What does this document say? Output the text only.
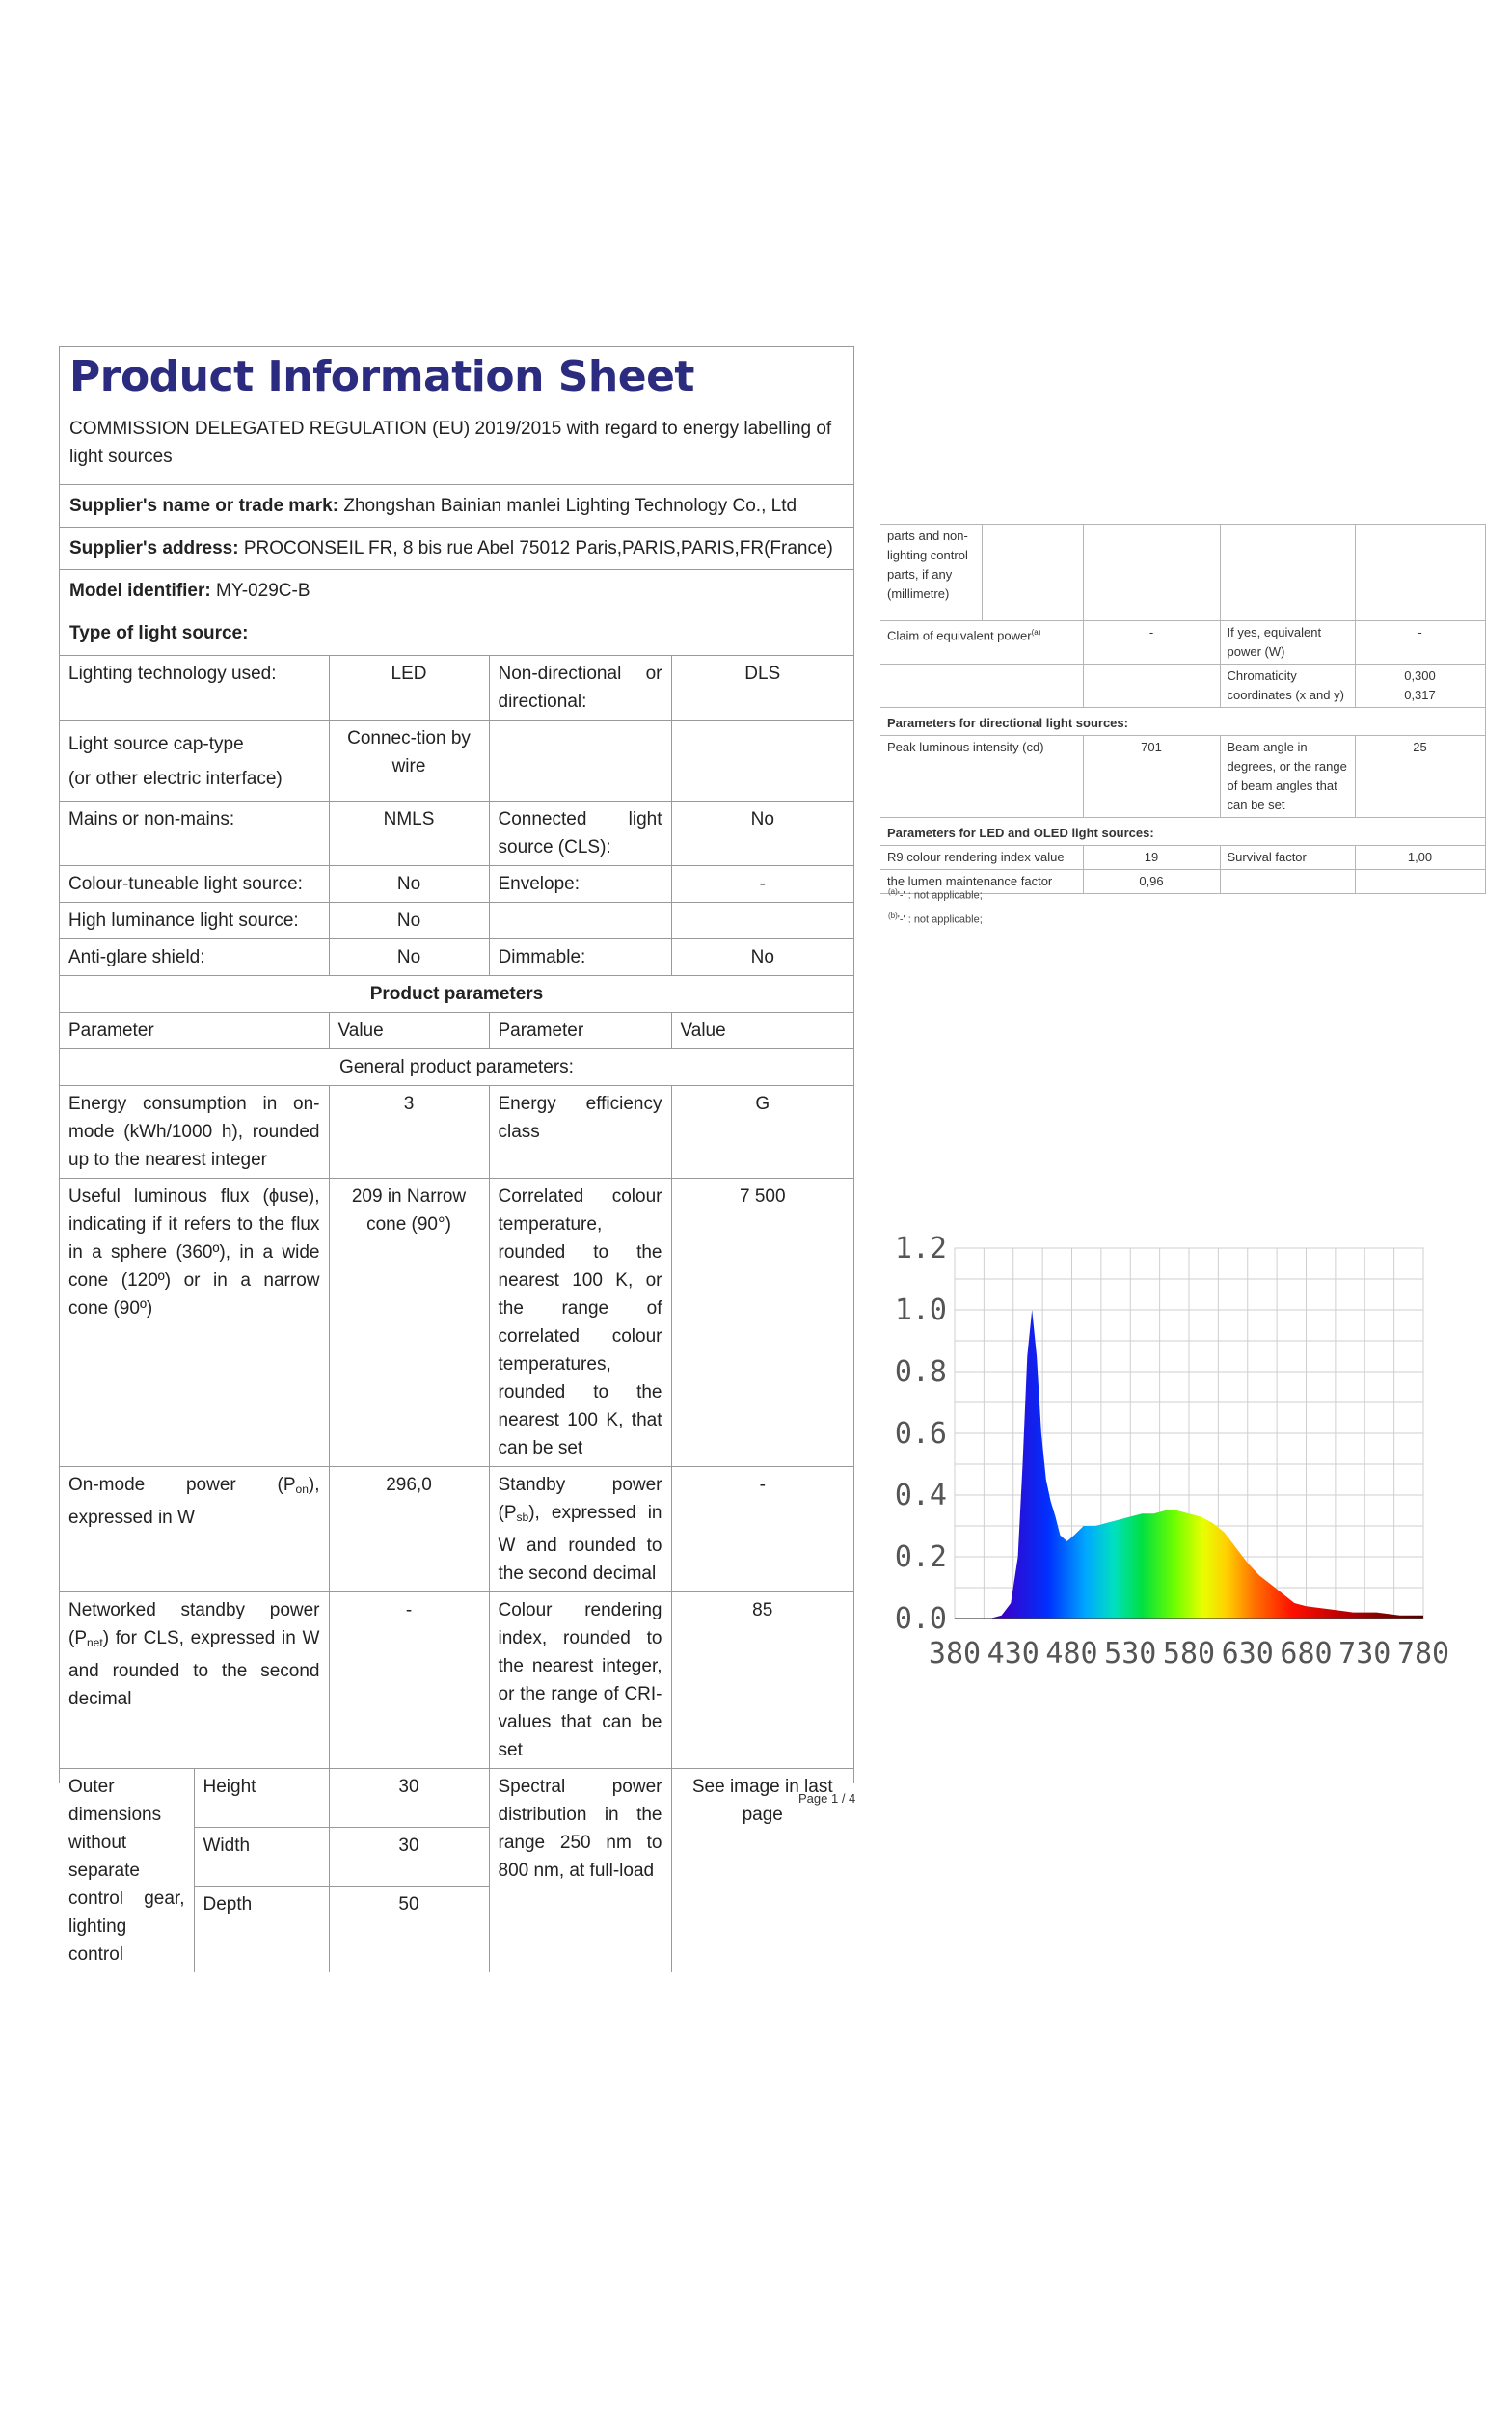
Product Information Sheet
COMMISSION DELEGATED REGULATION (EU) 2019/2015 with regard to energy labelling of light sources
Supplier's name or trade mark: Zhongshan Bainian manlei Lighting Technology Co., Ltd
Supplier's address: PROCONSEIL FR, 8 bis rue Abel 75012 Paris,PARIS,PARIS,FR(France)
Model identifier: MY-029C-B
Type of light source:
Lighting technology used:		LED	Non-directional or directional:	DLS

Light source cap-type
(or other electric interface)		Connec-tion by wire		
Mains or non-mains:		NMLS	Connected light source (CLS):	No
Colour-tuneable light source:		No	Envelope:	-
High luminance light source:		No		
Anti-glare shield:		No	Dimmable:	No
Product parameters				
Parameter		Value	Parameter	Value
General product parameters:				
Energy consumption in on-mode (kWh/1000 h), rounded up to the nearest integer		3	Energy efficiency class	G
Useful luminous flux (ɸuse), indicating if it refers to the flux in a sphere (360º), in a wide cone (120º) or in a narrow cone (90º)		209 in Narrow cone (90°)	Correlated colour temperature, rounded to the nearest 100 K, or the range of correlated colour temperatures, rounded to the nearest 100 K, that can be set	7 500
On-mode power $(P_{on})$, expressed in W		296,0	Standby power $(P_{sb})$, expressed in W and rounded to the second decimal	-
Networked standby power $(P_{net})$ for CLS, expressed in W and rounded to the second decimal		-	Colour rendering index, rounded to the nearest integer, or the range of CRI-values that can be set	85
Outer dimensions without separate control gear, lighting control	Height	30	Spectral power distribution in the range 250 nm to 800 nm, at full-load	See image in last page
	Width	30		
	Depth	50		
Page 1 / 4
parts and non-lighting control parts, if any (millimetre)				
Claim of equivalent power$^{(a)}$		-	If yes, equivalent power (W)	-
			Chromaticity coordinates (x and y)	0,300
0,317

Parameters for directional light sources:				
Peak luminous intensity (cd)		701	Beam angle in degrees, or the range of beam angles that can be set	25
Parameters for LED and OLED light sources:				
R9 colour rendering index value		19	Survival factor	1,00
the lumen maintenance factor		0,96		
$^{(a)}$'-' : not applicable;
$^{(b)}$'-' : not applicable;
0.0
0.2
0.4
0.6
0.8
1.0
1.2
380 430 480 530 580 630 680 730 780
